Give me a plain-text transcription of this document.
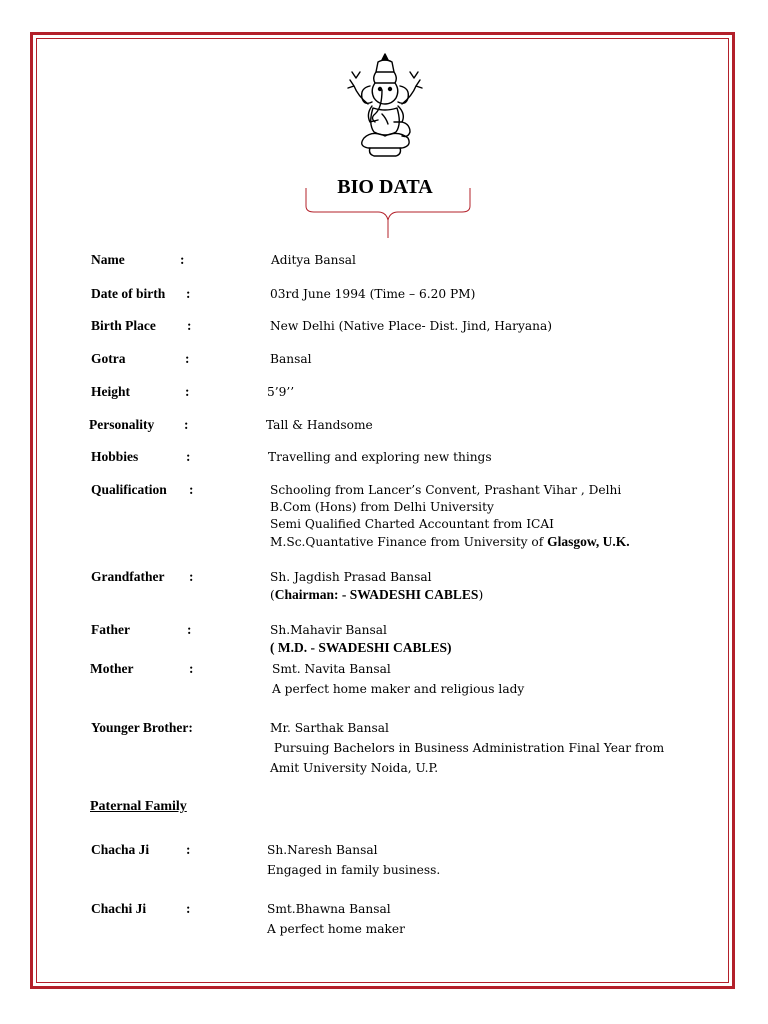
BIO DATA
Name	:	Aditya Bansal
Date of birth :	03rd June 1994 (Time – 6.20 PM)
Birth Place :	New Delhi (Native Place- Dist. Jind, Haryana)
Gotra	:	Bansal
Height	:	5’9’’
Personality :	Tall & Handsome
Hobbies	:	Travelling and exploring new things
Qualification :	Schooling from Lancer’s Convent, Prashant Vihar , Delhi
B.Com (Hons) from Delhi University
Semi Qualified Charted Accountant from ICAI
M.Sc.Quantative Finance from University of Glasgow, U.K.
Grandfather :	Sh. Jagdish Prasad Bansal
(Chairman: - SWADESHI CABLES)
Father	:	Sh.Mahavir Bansal
( M.D. - SWADESHI CABLES)
Mother	:	Smt. Navita Bansal
A perfect home maker and religious lady
Younger Brother:	Mr. Sarthak Bansal
Pursuing Bachelors in Business Administration Final Year from
Amit University Noida, U.P.
Paternal Family
Chacha Ji	:	Sh.Naresh Bansal
Engaged in family business.
Chachi Ji	:	Smt.Bhawna Bansal
A perfect home maker
